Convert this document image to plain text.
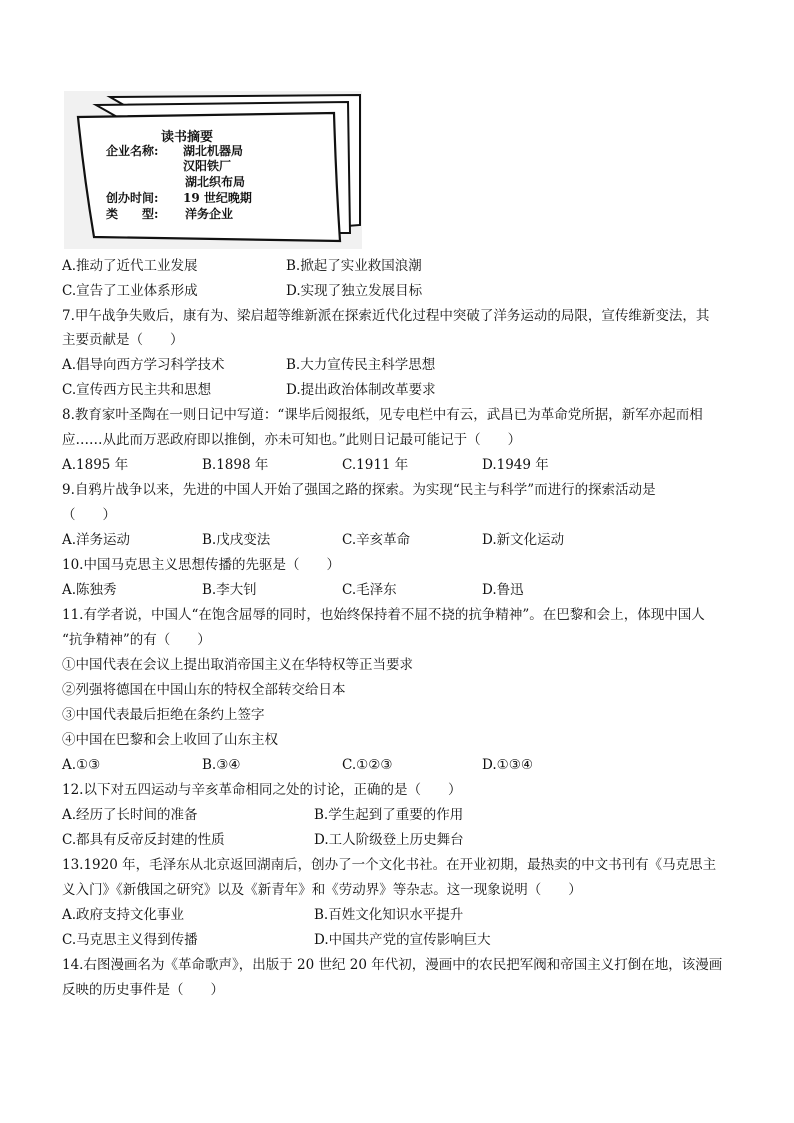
读书摘要
企业名称: 湖北机器局
汉阳铁厂
湖北织布局
创办时间: 19 世纪晚期
类　　型: 洋务企业
A.推动了近代工业发展	B.掀起了实业救国浪潮
C.宣告了工业体系形成	D.实现了独立发展目标
7.甲午战争失败后，康有为、梁启超等维新派在探索近代化过程中突破了洋务运动的局限，宣传维新变法，其
主要贡献是（　　）
A.倡导向西方学习科学技术	B.大力宣传民主科学思想
C.宣传西方民主共和思想	D.提出政治体制改革要求
8.教育家叶圣陶在一则日记中写道：“课毕后阅报纸，见专电栏中有云，武昌已为革命党所据，新军亦起而相
应……从此而万恶政府即以推倒，亦未可知也。”此则日记最可能记于（　　）
A.1895 年	B.1898 年	C.1911 年	D.1949 年
9.自鸦片战争以来，先进的中国人开始了强国之路的探索。为实现“民主与科学”而进行的探索活动是
（　　）
A.洋务运动	B.戊戌变法	C.辛亥革命	D.新文化运动
10.中国马克思主义思想传播的先驱是（　　）
A.陈独秀	B.李大钊	C.毛泽东	D.鲁迅
11.有学者说，中国人“在饱含屈辱的同时，也始终保持着不屈不挠的抗争精神”。在巴黎和会上，体现中国人
“抗争精神”的有（　　）
①中国代表在会议上提出取消帝国主义在华特权等正当要求
②列强将德国在中国山东的特权全部转交给日本
③中国代表最后拒绝在条约上签字
④中国在巴黎和会上收回了山东主权
A.①③	B.③④	C.①②③	D.①③④
12.以下对五四运动与辛亥革命相同之处的讨论，正确的是（　　）
A.经历了长时间的准备	B.学生起到了重要的作用
C.都具有反帝反封建的性质	D.工人阶级登上历史舞台
13.1920 年，毛泽东从北京返回湖南后，创办了一个文化书社。在开业初期，最热卖的中文书刊有《马克思主
义入门》《新俄国之研究》以及《新青年》和《劳动界》等杂志。这一现象说明（　　）
A.政府支持文化事业	B.百姓文化知识水平提升
C.马克思主义得到传播	D.中国共产党的宣传影响巨大
14.右图漫画名为《革命歌声》，出版于 20 世纪 20 年代初，漫画中的农民把军阀和帝国主义打倒在地，该漫画
反映的历史事件是（　　）
